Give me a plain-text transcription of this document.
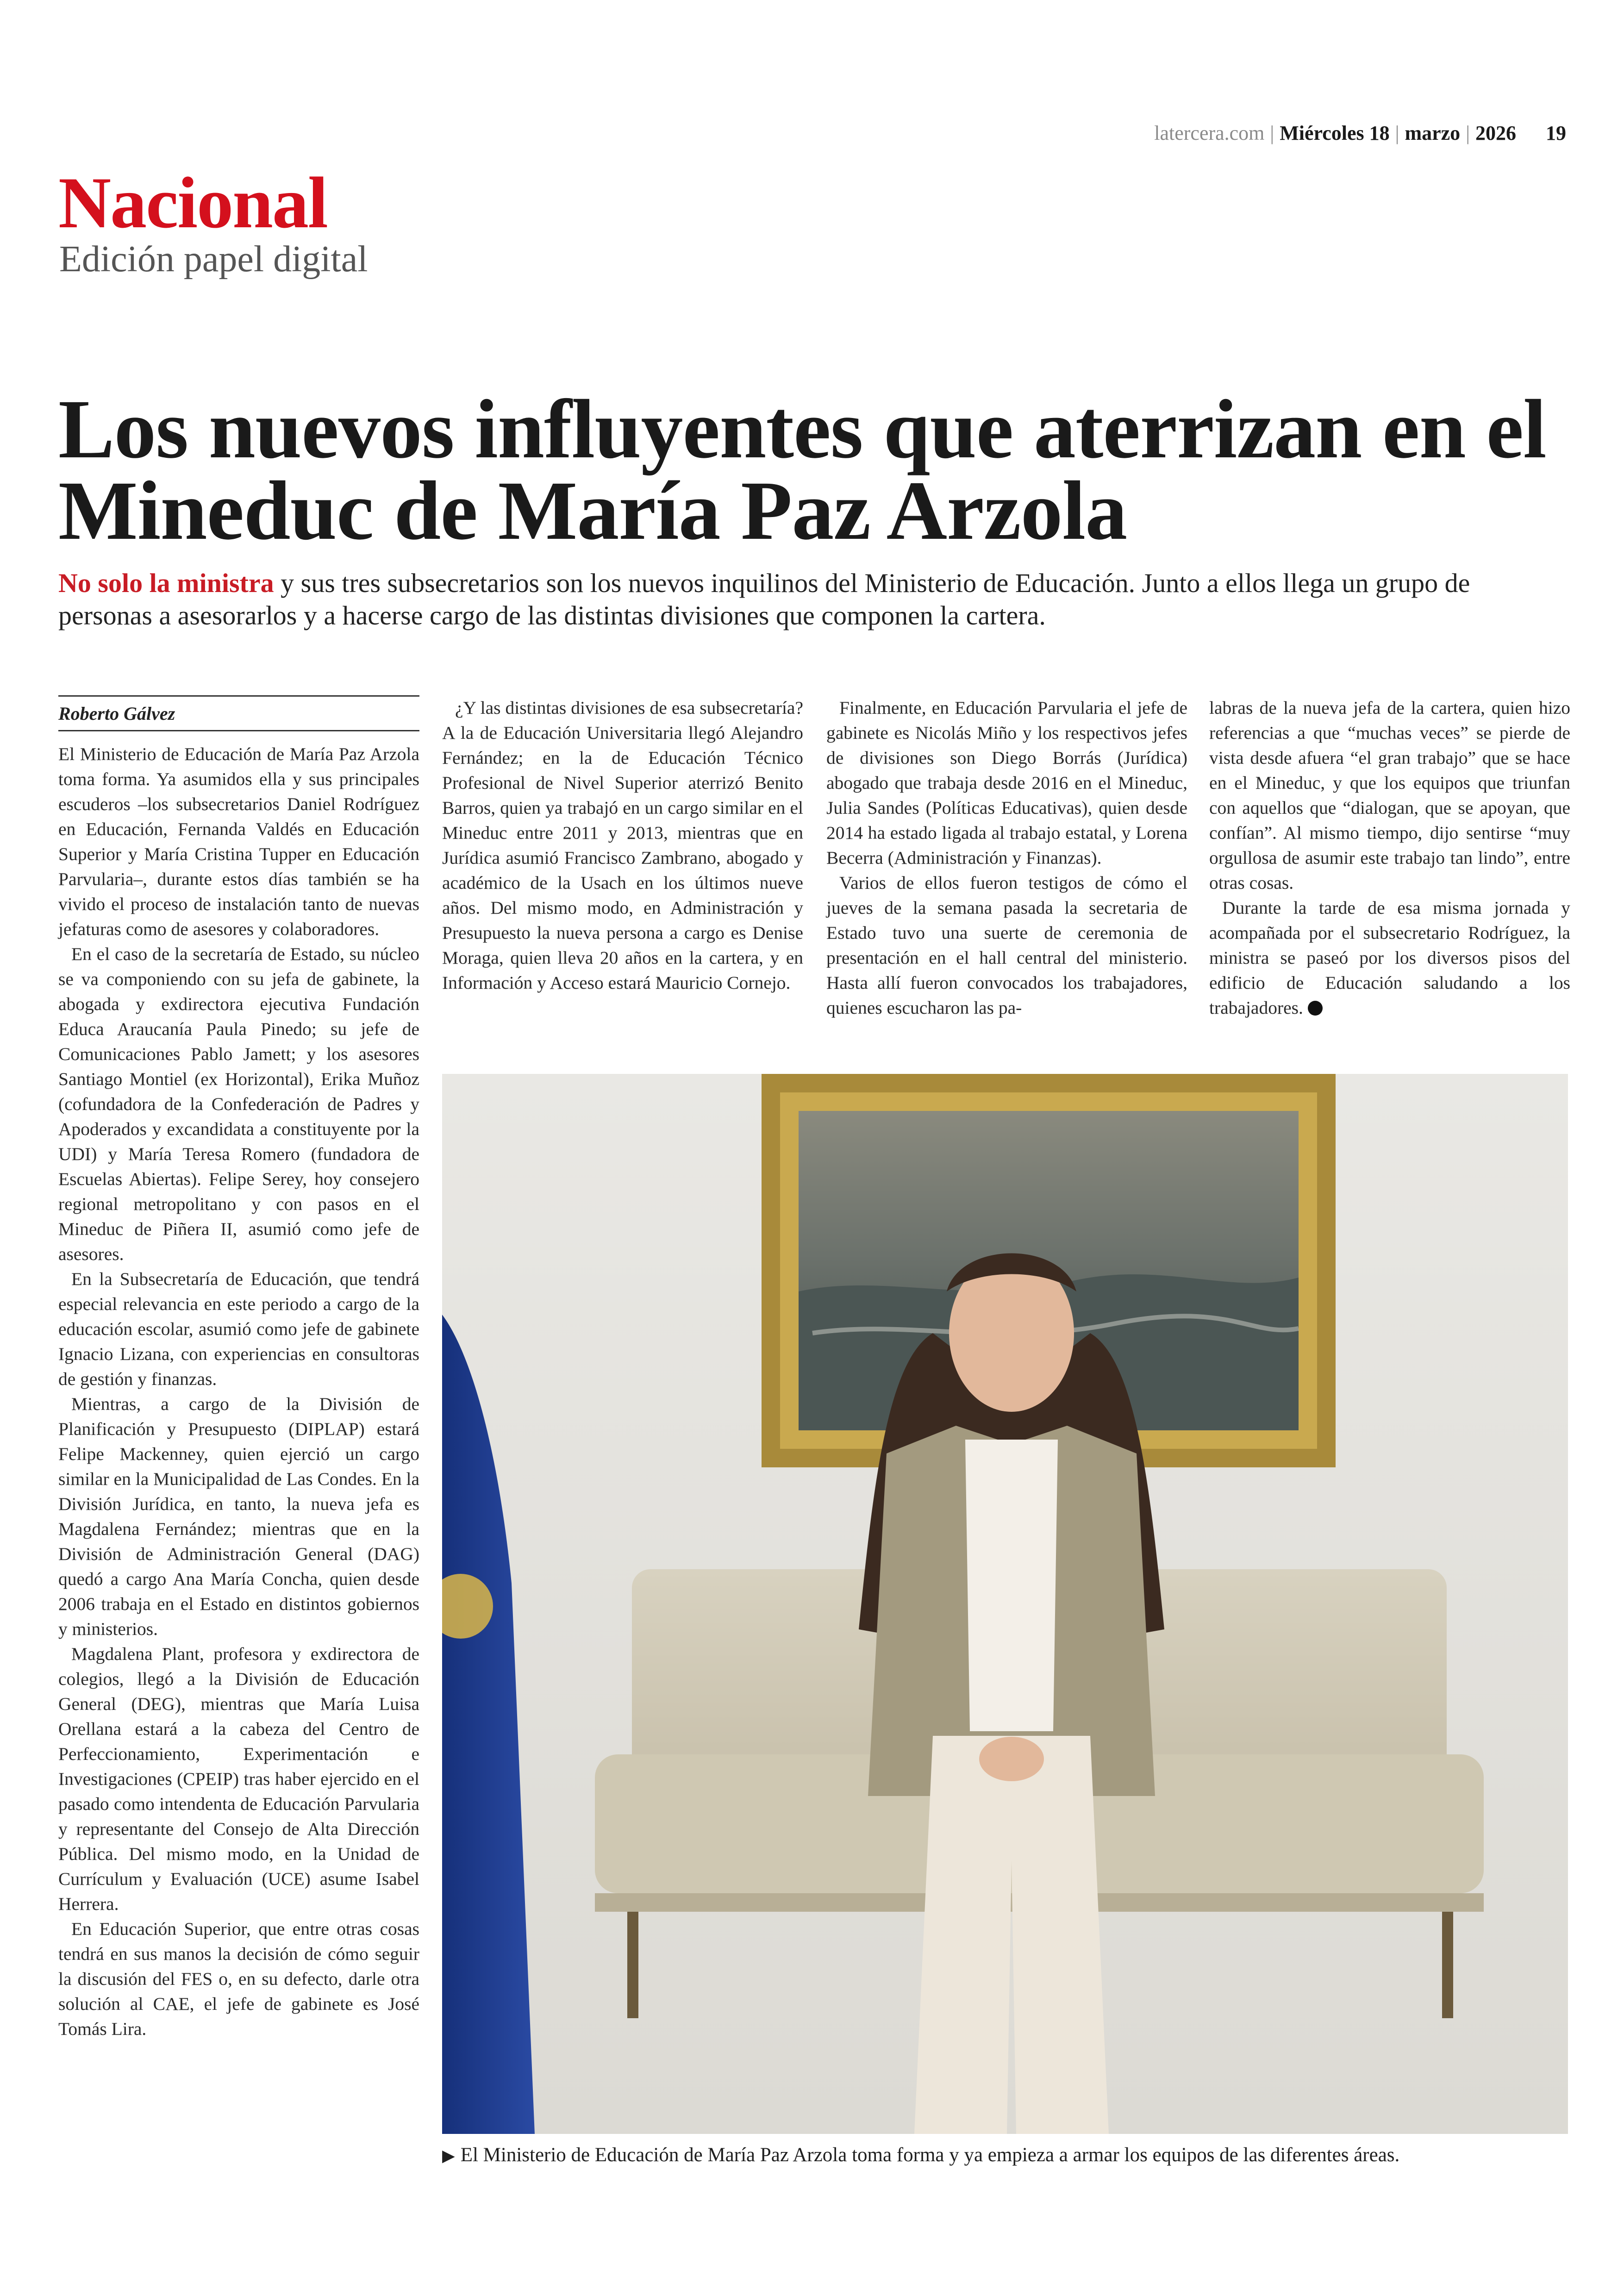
latercera.com | Miércoles 18 | marzo | 2026 19
Nacional
Edición papel digital
Los nuevos influyentes que aterrizan en el Mineduc de María Paz Arzola

No solo la ministra y sus tres subsecretarios son los nuevos inquilinos del Ministerio de Educación. Junto a ellos llega un grupo de personas a asesorarlos y a hacerse cargo de las distintas divisiones que componen la cartera.

Roberto Gálvez

El Ministerio de Educación de María Paz Arzola toma forma. Ya asumidos ella y sus principales escuderos –los subsecretarios Daniel Rodríguez en Educación, Fernanda Valdés en Educación Superior y María Cristina Tupper en Educación Parvularia–, durante estos días también se ha vivido el proceso de instalación tanto de nuevas jefaturas como de asesores y colaboradores.

En el caso de la secretaría de Estado, su núcleo se va componiendo con su jefa de gabinete, la abogada y exdirectora ejecutiva Fundación Educa Araucanía Paula Pinedo; su jefe de Comunicaciones Pablo Jamett; y los asesores Santiago Montiel (ex Horizontal), Erika Muñoz (cofundadora de la Confederación de Padres y Apoderados y excandidata a constituyente por la UDI) y María Teresa Romero (fundadora de Escuelas Abiertas). Felipe Serey, hoy consejero regional metropolitano y con pasos en el Mineduc de Piñera II, asumió como jefe de asesores.

En la Subsecretaría de Educación, que tendrá especial relevancia en este periodo a cargo de la educación escolar, asumió como jefe de gabinete Ignacio Lizana, con experiencias en consultoras de gestión y finanzas.

Mientras, a cargo de la División de Planificación y Presupuesto (DIPLAP) estará Felipe Mackenney, quien ejerció un cargo similar en la Municipalidad de Las Condes. En la División Jurídica, en tanto, la nueva jefa es Magdalena Fernández; mientras que en la División de Administración General (DAG) quedó a cargo Ana María Concha, quien desde 2006 trabaja en el Estado en distintos gobiernos y ministerios.

Magdalena Plant, profesora y exdirectora de colegios, llegó a la División de Educación General (DEG), mientras que María Luisa Orellana estará a la cabeza del Centro de Perfeccionamiento, Experimentación e Investigaciones (CPEIP) tras haber ejercido en el pasado como intendenta de Educación Parvularia y representante del Consejo de Alta Dirección Pública. Del mismo modo, en la Unidad de Currículum y Evaluación (UCE) asume Isabel Herrera.

En Educación Superior, que entre otras cosas tendrá en sus manos la decisión de cómo seguir la discusión del FES o, en su defecto, darle otra solución al CAE, el jefe de gabinete es José Tomás Lira.

¿Y las distintas divisiones de esa subsecretaría? A la de Educación Universitaria llegó Alejandro Fernández; en la de Educación Técnico Profesional de Nivel Superior aterrizó Benito Barros, quien ya trabajó en un cargo similar en el Mineduc entre 2011 y 2013, mientras que en Jurídica asumió Francisco Zambrano, abogado y académico de la Usach en los últimos nueve años. Del mismo modo, en Administración y Presupuesto la nueva persona a cargo es Denise Moraga, quien lleva 20 años en la cartera, y en Información y Acceso estará Mauricio Cornejo.

Finalmente, en Educación Parvularia el jefe de gabinete es Nicolás Miño y los respectivos jefes de divisiones son Diego Borrás (Jurídica) abogado que trabaja desde 2016 en el Mineduc, Julia Sandes (Políticas Educativas), quien desde 2014 ha estado ligada al trabajo estatal, y Lorena Becerra (Administración y Finanzas).

Varios de ellos fueron testigos de cómo el jueves de la semana pasada la secretaria de Estado tuvo una suerte de ceremonia de presentación en el hall central del ministerio. Hasta allí fueron convocados los trabajadores, quienes escucharon las pa-

labras de la nueva jefa de la cartera, quien hizo referencias a que “muchas veces” se pierde de vista desde afuera “el gran trabajo” que se hace en el Mineduc, y que los equipos que triunfan con aquellos que “dialogan, que se apoyan, que confían”. Al mismo tiempo, dijo sentirse “muy orgullosa de asumir este trabajo tan lindo”, entre otras cosas.

Durante la tarde de esa misma jornada y acompañada por el subsecretario Rodríguez, la ministra se paseó por los diversos pisos del edificio de Educación saludando a los trabajadores.

▶ El Ministerio de Educación de María Paz Arzola toma forma y ya empieza a armar los equipos de las diferentes áreas.
